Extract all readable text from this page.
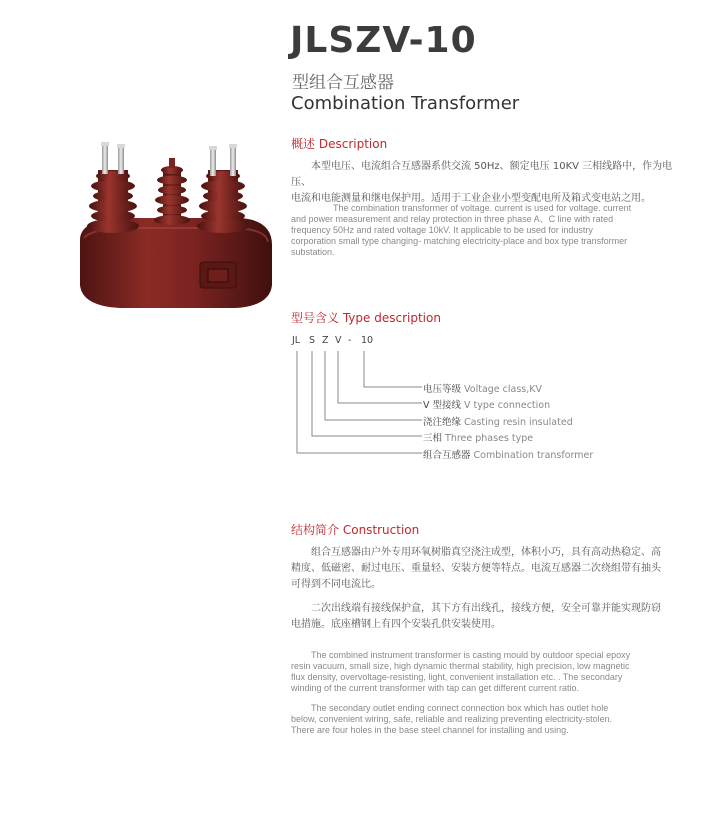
JLSZV-10
型组合互感器
Combination Transformer
概述 Description
本型电压、电流组合互感器系供交流 50Hz、额定电压 10KV 三相线路中，作为电压、
电流和电能测量和继电保护用。适用于工业企业小型变配电所及箱式变电站之用。
The combination transformer of voltage. current is used for voltage. current
and power measurement and relay protection in three phase A、C line with rated
frequency 50Hz and rated voltage 10kV. It applicable to be used for industry
corporation small type changing- matching electricity-place and box type transformer
substation.
型号含义 Type description
JL S Z V - 10
电压等级 Voltage class,KV
V 型接线 V type connection
浇注绝缘 Casting resin insulated
三相 Three phases type
组合互感器 Combination transformer
结构简介 Construction
组合互感器由户外专用环氧树脂真空浇注成型，体积小巧，具有高动热稳定、高
精度、低磁密、耐过电压、重量轻、安装方便等特点。电流互感器二次绕组带有抽头
可得到不同电流比。
二次出线端有接线保护盒，其下方有出线孔，接线方便，安全可靠并能实现防窃
电措施。底座槽钢上有四个安装孔供安装使用。
The combined instrument transformer is casting mould by outdoor special epoxy
resin vacuum, small size, high dynamic thermal stability, high precision, low magnetic
flux density, overvoltage-resisting, light, convenient installation etc. . The secondary
winding of the current transformer with tap can get different current ratio.
The secondary outlet ending connect connection box which has outlet hole
below, convenient wiring, safe, reliable and realizing preventing electricity-stolen.
There are four holes in the base steel channel for installing and using.
